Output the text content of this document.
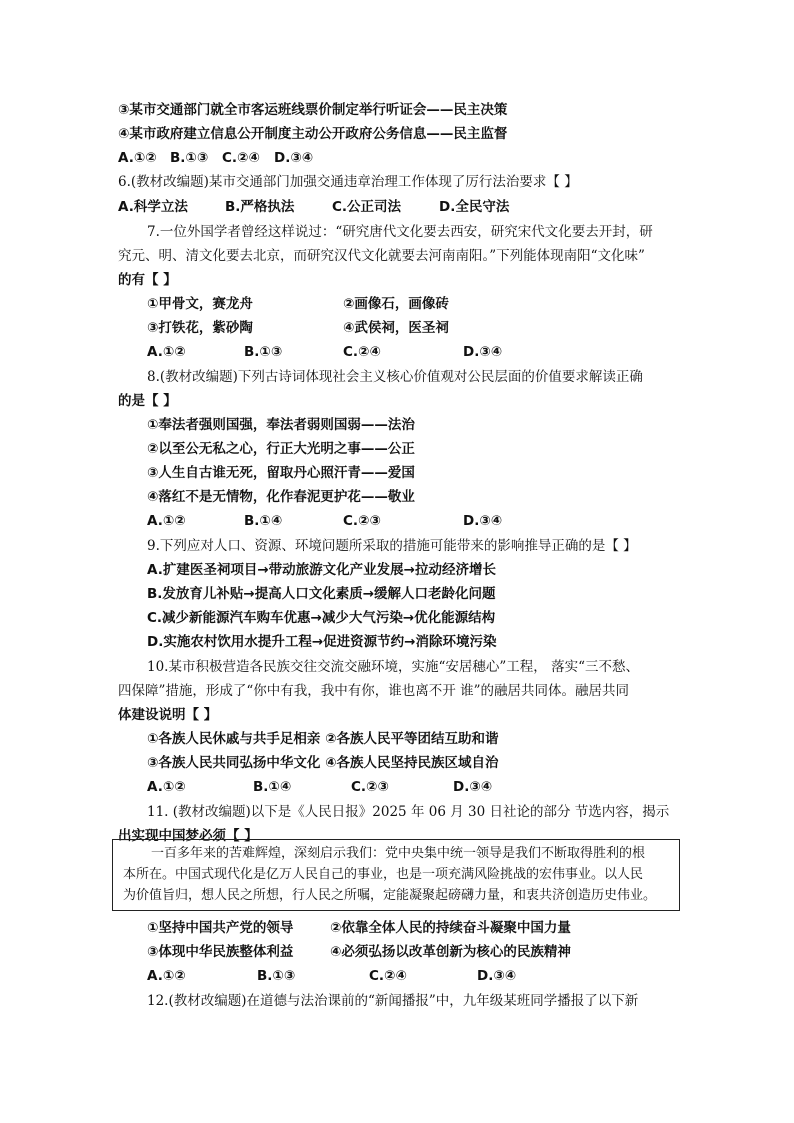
③某市交通部门就全市客运班线票价制定举行听证会——民主决策
④某市政府建立信息公开制度主动公开政府公务信息——民主监督
A.①② B.①③	C.②④	D.③④
6.(教材改编题)某市交通部门加强交通违章治理工作体现了厉行法治要求【 】
A.科学立法	B.严格执法	C.公正司法	D.全民守法
7.一位外国学者曾经这样说过：“研究唐代文化要去西安，研究宋代文化要去开封，研
究元、明、清文化要去北京，而研究汉代文化就要去河南南阳。”下列能体现南阳“文化味”
的有【 】
①甲骨文，赛龙舟	②画像石，画像砖
③打铁花，紫砂陶	④武侯祠，医圣祠
A.①②	B.①③	C.②④	D.③④
8.(教材改编题)下列古诗词体现社会主义核心价值观对公民层面的价值要求解读正确
的是【 】
①奉法者强则国强，奉法者弱则国弱——法治
②以至公无私之心，行正大光明之事——公正
③人生自古谁无死，留取丹心照汗青——爱国
④落红不是无情物，化作春泥更护花——敬业
A.①②	B.①④	C.②③	D.③④
9.下列应对人口、资源、环境问题所采取的措施可能带来的影响推导正确的是【 】
A.扩建医圣祠项目→带动旅游文化产业发展→拉动经济增长
B.发放育儿补贴→提高人口文化素质→缓解人口老龄化问题
C.减少新能源汽车购车优惠→减少大气污染→优化能源结构
D.实施农村饮用水提升工程→促进资源节约→消除环境污染
10.某市积极营造各民族交往交流交融环境，实施“安居穗心”工程， 落实“三不愁、
四保障”措施，形成了“你中有我，我中有你，谁也离不开 谁”的融居共同体。融居共同
体建设说明【 】
①各族人民休戚与共手足相亲 ②各族人民平等团结互助和谐
③各族人民共同弘扬中华文化 ④各族人民坚持民族区域自治
A.①②	B.①④	C.②③	D.③④
11. (教材改编题)以下是《人民日报》2025 年 06 月 30 日社论的部分 节选内容，揭示
出实现中国梦必须【 】
一百多年来的苦难辉煌，深刻启示我们：党中央集中统一领导是我们不断取得胜利的根
本所在。中国式现代化是亿万人民自己的事业，也是一项充满风险挑战的宏伟事业。以人民
为价值旨归，想人民之所想，行人民之所嘱，定能凝聚起磅礴力量，和衷共济创造历史伟业。
①坚持中国共产党的领导	②依靠全体人民的持续奋斗凝聚中国力量
③体现中华民族整体利益	④必须弘扬以改革创新为核心的民族精神
A.①②	B.①③	C.②④	D.③④
12.(教材改编题)在道德与法治课前的“新闻播报”中，九年级某班同学播报了以下新
